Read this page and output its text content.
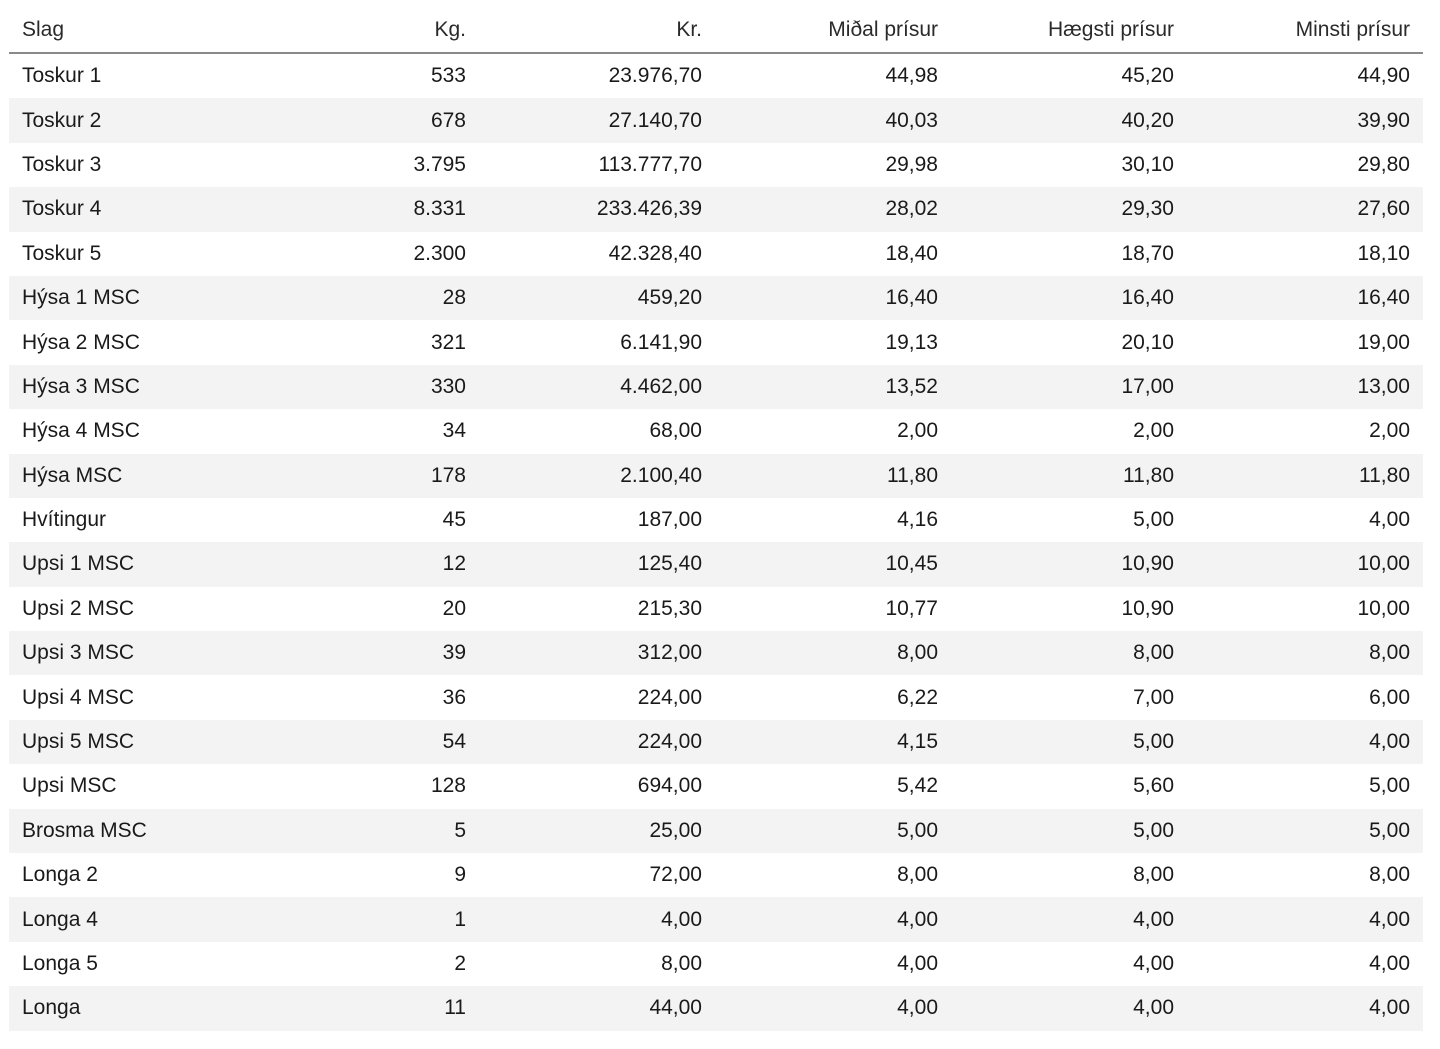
Slag	Kg.	Kr.	Miðal prísur	Hægsti prísur	Minsti prísur
Toskur 1	533	23.976,70	44,98	45,20	44,90
Toskur 2	678	27.140,70	40,03	40,20	39,90
Toskur 3	3.795	113.777,70	29,98	30,10	29,80
Toskur 4	8.331	233.426,39	28,02	29,30	27,60
Toskur 5	2.300	42.328,40	18,40	18,70	18,10
Hýsa 1 MSC	28	459,20	16,40	16,40	16,40
Hýsa 2 MSC	321	6.141,90	19,13	20,10	19,00
Hýsa 3 MSC	330	4.462,00	13,52	17,00	13,00
Hýsa 4 MSC	34	68,00	2,00	2,00	2,00
Hýsa MSC	178	2.100,40	11,80	11,80	11,80
Hvítingur	45	187,00	4,16	5,00	4,00
Upsi 1 MSC	12	125,40	10,45	10,90	10,00
Upsi 2 MSC	20	215,30	10,77	10,90	10,00
Upsi 3 MSC	39	312,00	8,00	8,00	8,00
Upsi 4 MSC	36	224,00	6,22	7,00	6,00
Upsi 5 MSC	54	224,00	4,15	5,00	4,00
Upsi MSC	128	694,00	5,42	5,60	5,00
Brosma MSC	5	25,00	5,00	5,00	5,00
Longa 2	9	72,00	8,00	8,00	8,00
Longa 4	1	4,00	4,00	4,00	4,00
Longa 5	2	8,00	4,00	4,00	4,00
Longa	11	44,00	4,00	4,00	4,00
